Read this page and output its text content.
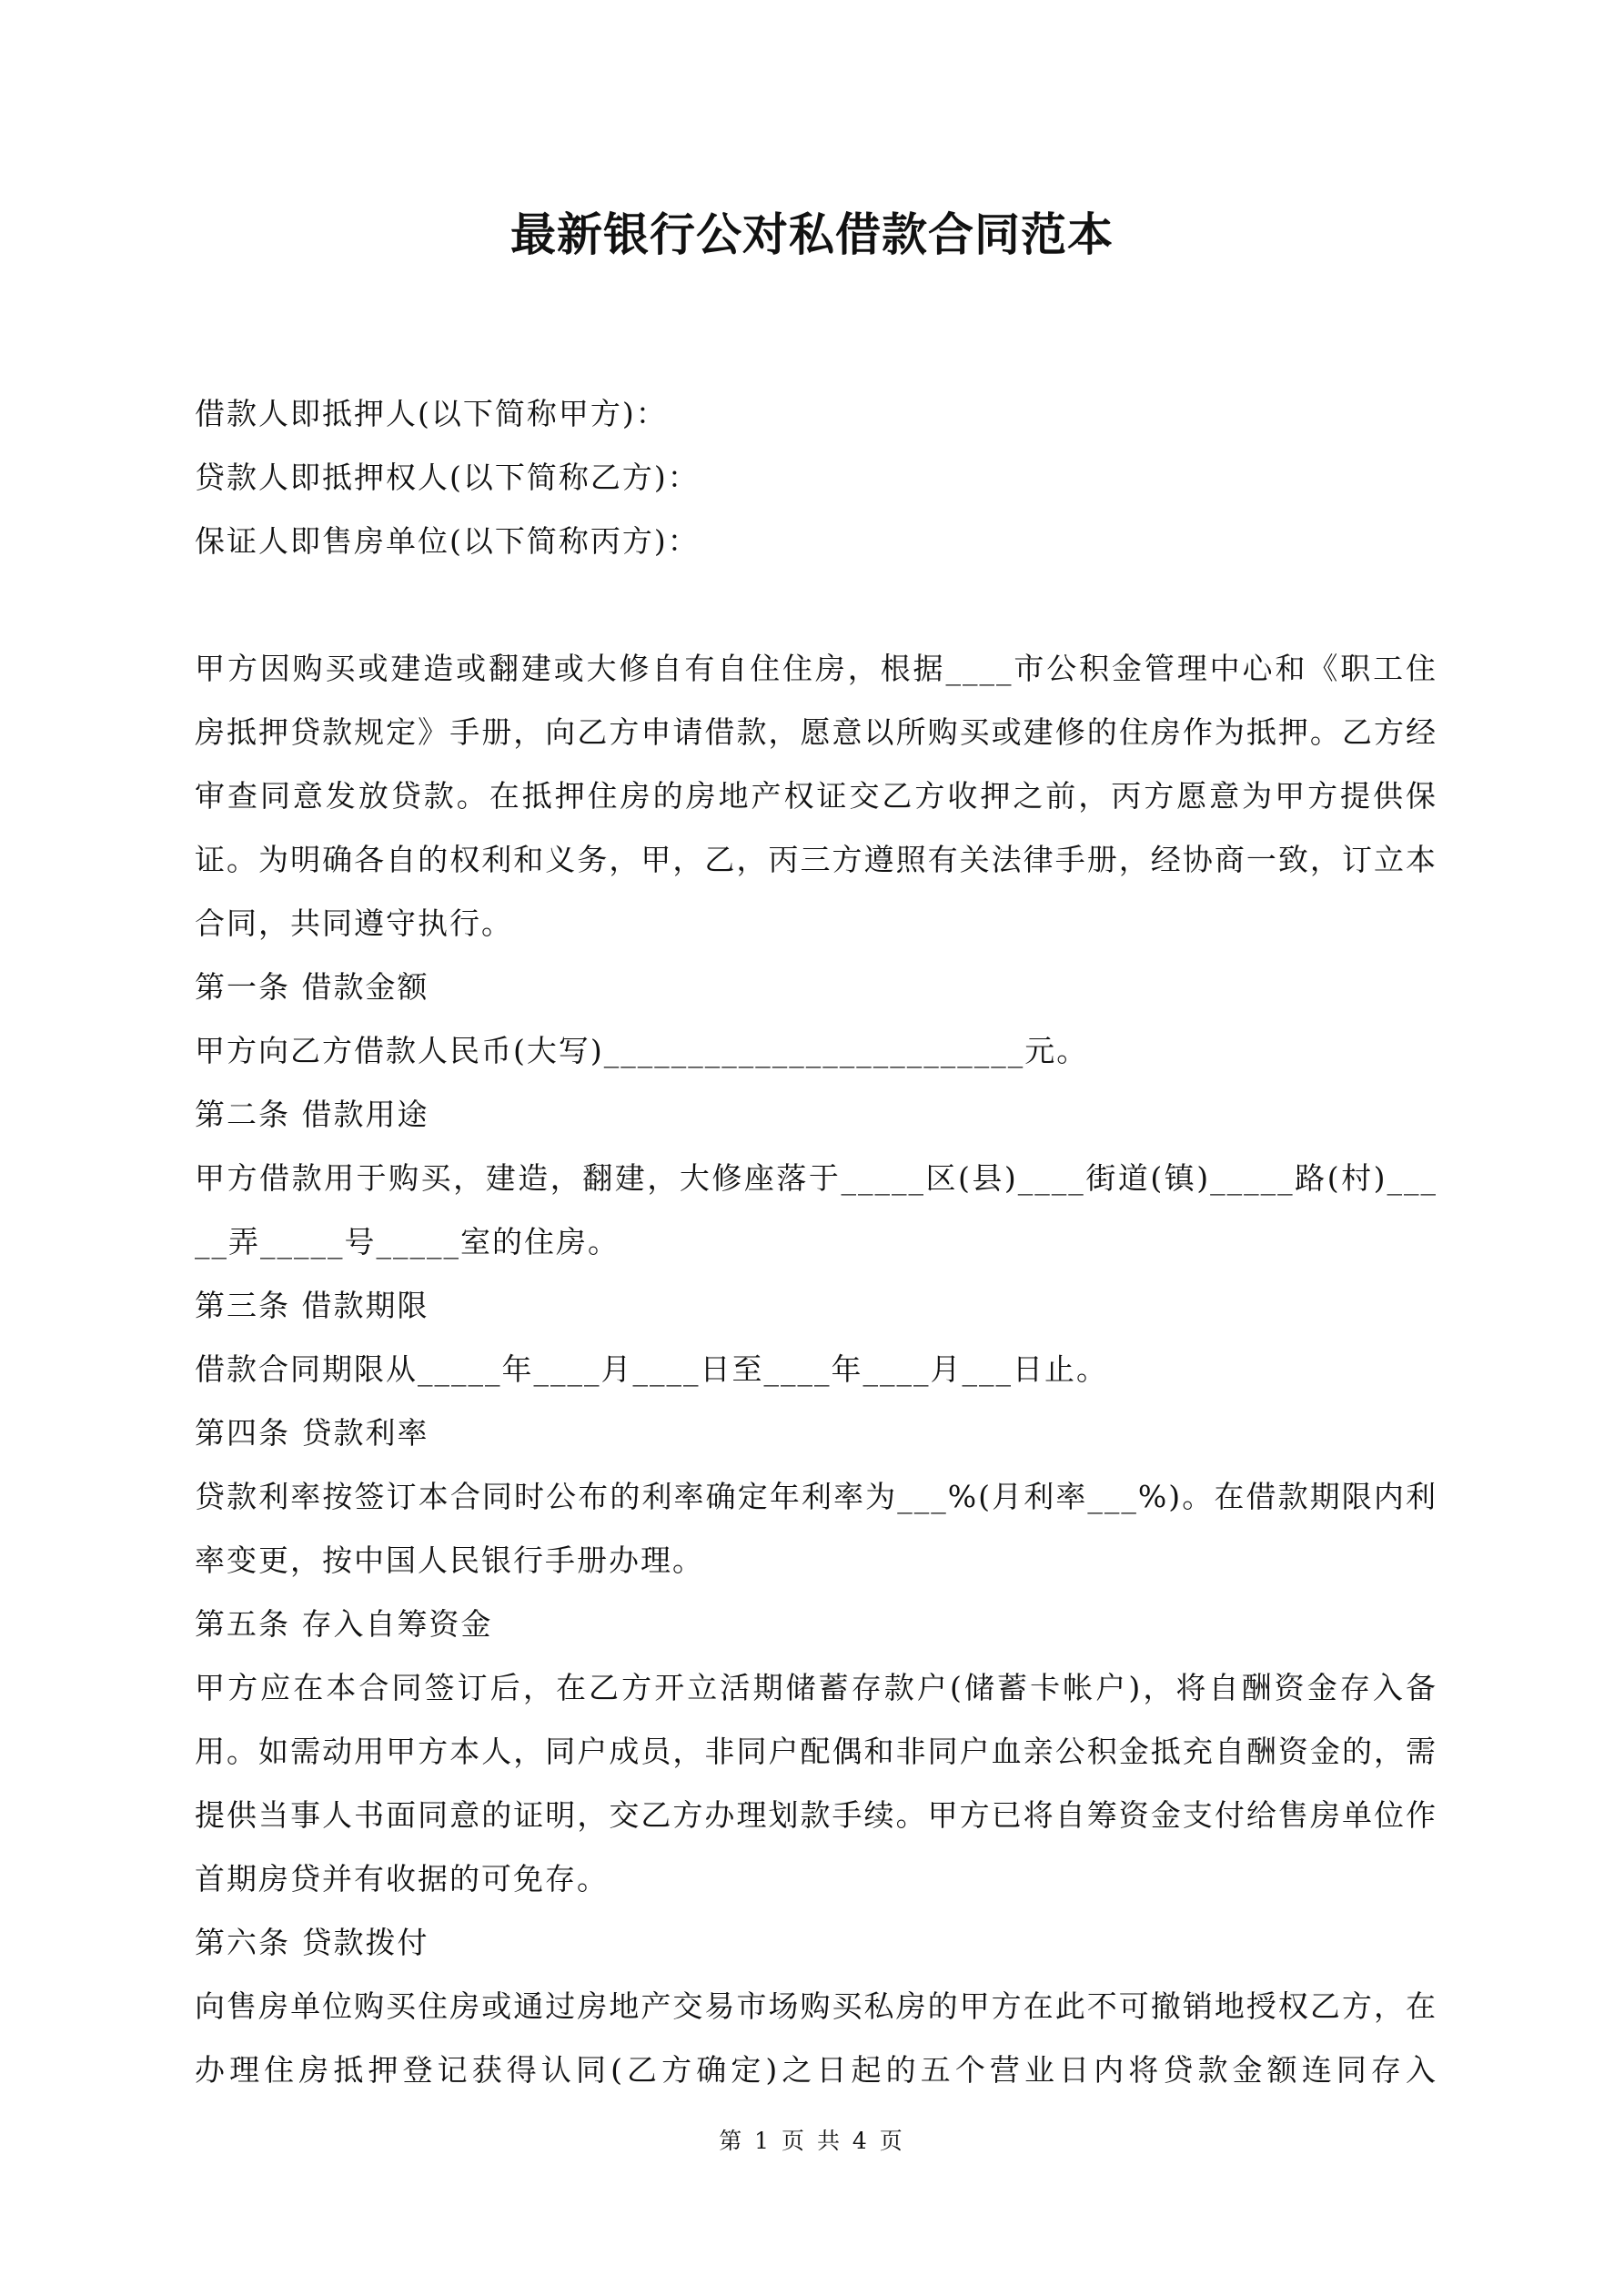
最新银行公对私借款合同范本
借款人即抵押人(以下简称甲方)：
贷款人即抵押权人(以下简称乙方)：
保证人即售房单位(以下简称丙方)：
甲方因购买或建造或翻建或大修自有自住住房，根据____市公积金管理中心和《职工住房抵押贷款规定》手册，向乙方申请借款，愿意以所购买或建修的住房作为抵押。乙方经审查同意发放贷款。在抵押住房的房地产权证交乙方收押之前，丙方愿意为甲方提供保证。为明确各自的权利和义务，甲，乙，丙三方遵照有关法律手册，经协商一致，订立本合同，共同遵守执行。
第一条 借款金额
甲方向乙方借款人民币(大写)_________________________元。
第二条 借款用途
甲方借款用于购买，建造，翻建，大修座落于_____区(县)____街道(镇)_____路(村)_____弄_____号_____室的住房。
第三条 借款期限
借款合同期限从_____年____月____日至____年____月___日止。
第四条 贷款利率
贷款利率按签订本合同时公布的利率确定年利率为___%(月利率___%)。在借款期限内利率变更，按中国人民银行手册办理。
第五条 存入自筹资金
甲方应在本合同签订后，在乙方开立活期储蓄存款户(储蓄卡帐户)，将自酬资金存入备用。如需动用甲方本人，同户成员，非同户配偶和非同户血亲公积金抵充自酬资金的，需提供当事人书面同意的证明，交乙方办理划款手续。甲方已将自筹资金支付给售房单位作首期房贷并有收据的可免存。
第六条 贷款拨付
向售房单位购买住房或通过房地产交易市场购买私房的甲方在此不可撤销地授权乙方，在办理住房抵押登记获得认同(乙方确定)之日起的五个营业日内将贷款金额连同存入
第 1 页 共 4 页
